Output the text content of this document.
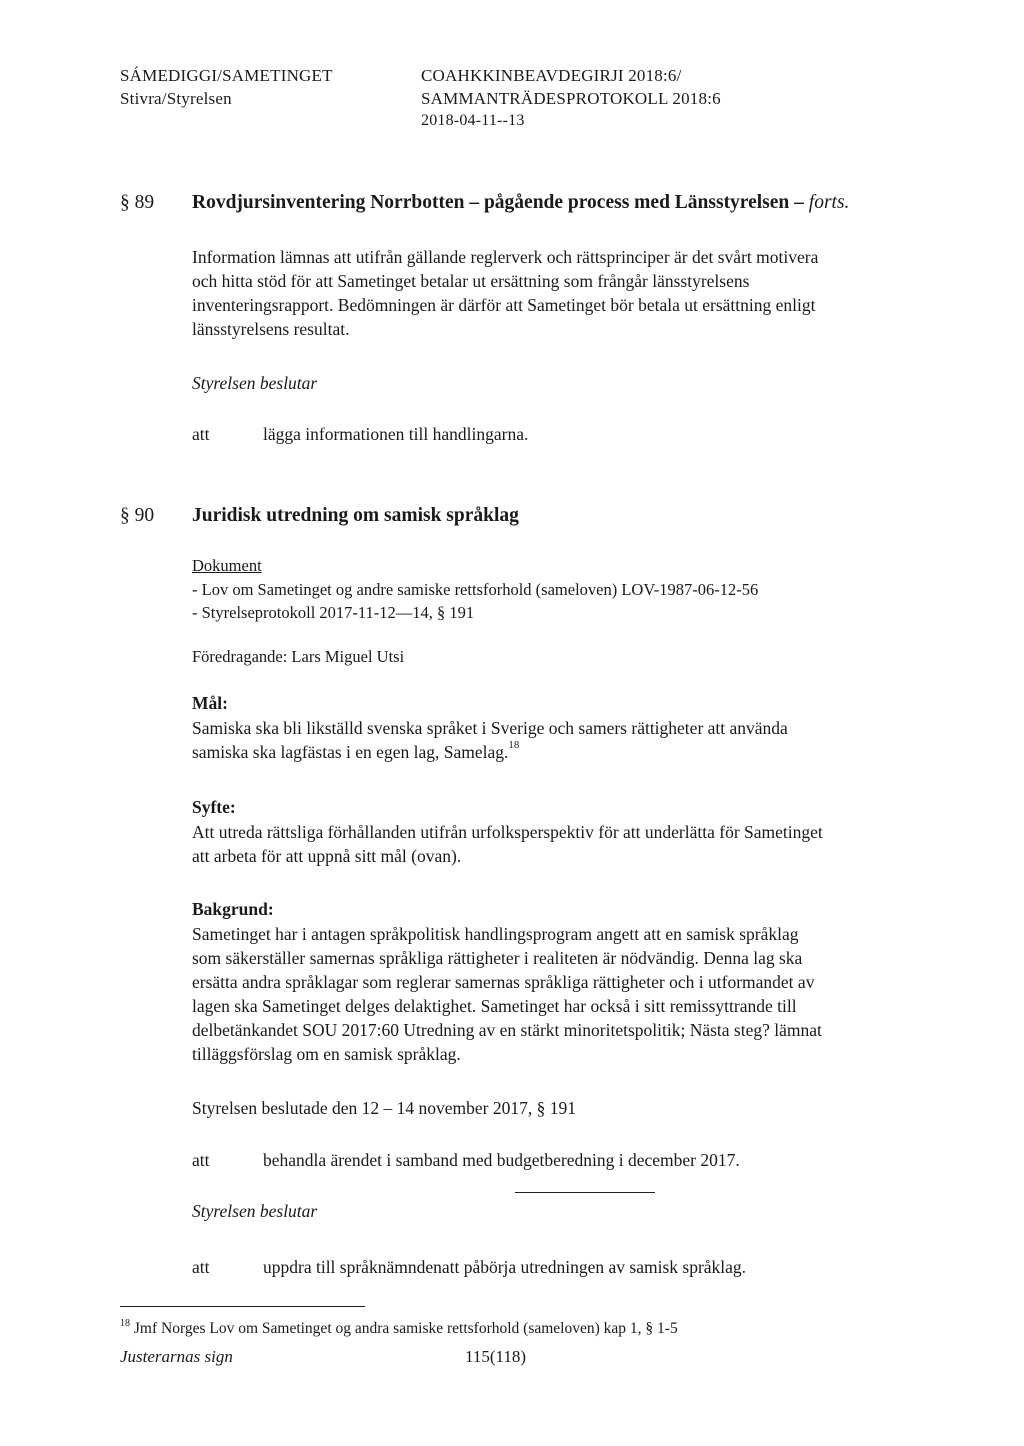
SÁMEDIGGI/SAMETINGET
Stivra/Styrelsen
COAHKKINBEAVDEGIRJI 2018:6/
SAMMANTRÄDESPROTOKOLL 2018:6
2018-04-11--13
§ 89 Rovdjursinventering Norrbotten – pågående process med Länsstyrelsen – forts.
Information lämnas att utifrån gällande reglerverk och rättsprinciper är det svårt motivera
och hitta stöd för att Sametinget betalar ut ersättning som frångår länsstyrelsens
inventeringsrapport. Bedömningen är därför att Sametinget bör betala ut ersättning enligt
länsstyrelsens resultat.
Styrelsen beslutar
att	lägga informationen till handlingarna.
§ 90 Juridisk utredning om samisk språklag
Dokument
- Lov om Sametinget og andre samiske rettsforhold (sameloven) LOV-1987-06-12-56
- Styrelseprotokoll 2017-11-12—14, § 191
Föredragande: Lars Miguel Utsi
Mål:
Samiska ska bli likställd svenska språket i Sverige och samers rättigheter att använda
samiska ska lagfästas i en egen lag, Samelag.$^{18}$
Syfte:
Att utreda rättsliga förhållanden utifrån urfolksperspektiv för att underlätta för Sametinget
att arbeta för att uppnå sitt mål (ovan).
Bakgrund:
Sametinget har i antagen språkpolitisk handlingsprogram angett att en samisk språklag
som säkerställer samernas språkliga rättigheter i realiteten är nödvändig. Denna lag ska
ersätta andra språklagar som reglerar samernas språkliga rättigheter och i utformandet av
lagen ska Sametinget delges delaktighet. Sametinget har också i sitt remissyttrande till
delbetänkandet SOU 2017:60 Utredning av en stärkt minoritetspolitik; Nästa steg? lämnat
tilläggsförslag om en samisk språklag.
Styrelsen beslutade den 12 – 14 november 2017, § 191
att	behandla ärendet i samband med budgetberedning i december 2017.
Styrelsen beslutar
att	uppdra till språknämndenatt påbörja utredningen av samisk språklag.
$^{18}$ Jmf Norges Lov om Sametinget og andra samiske rettsforhold (sameloven) kap 1, § 1-5
Justerarnas sign	115(118)
